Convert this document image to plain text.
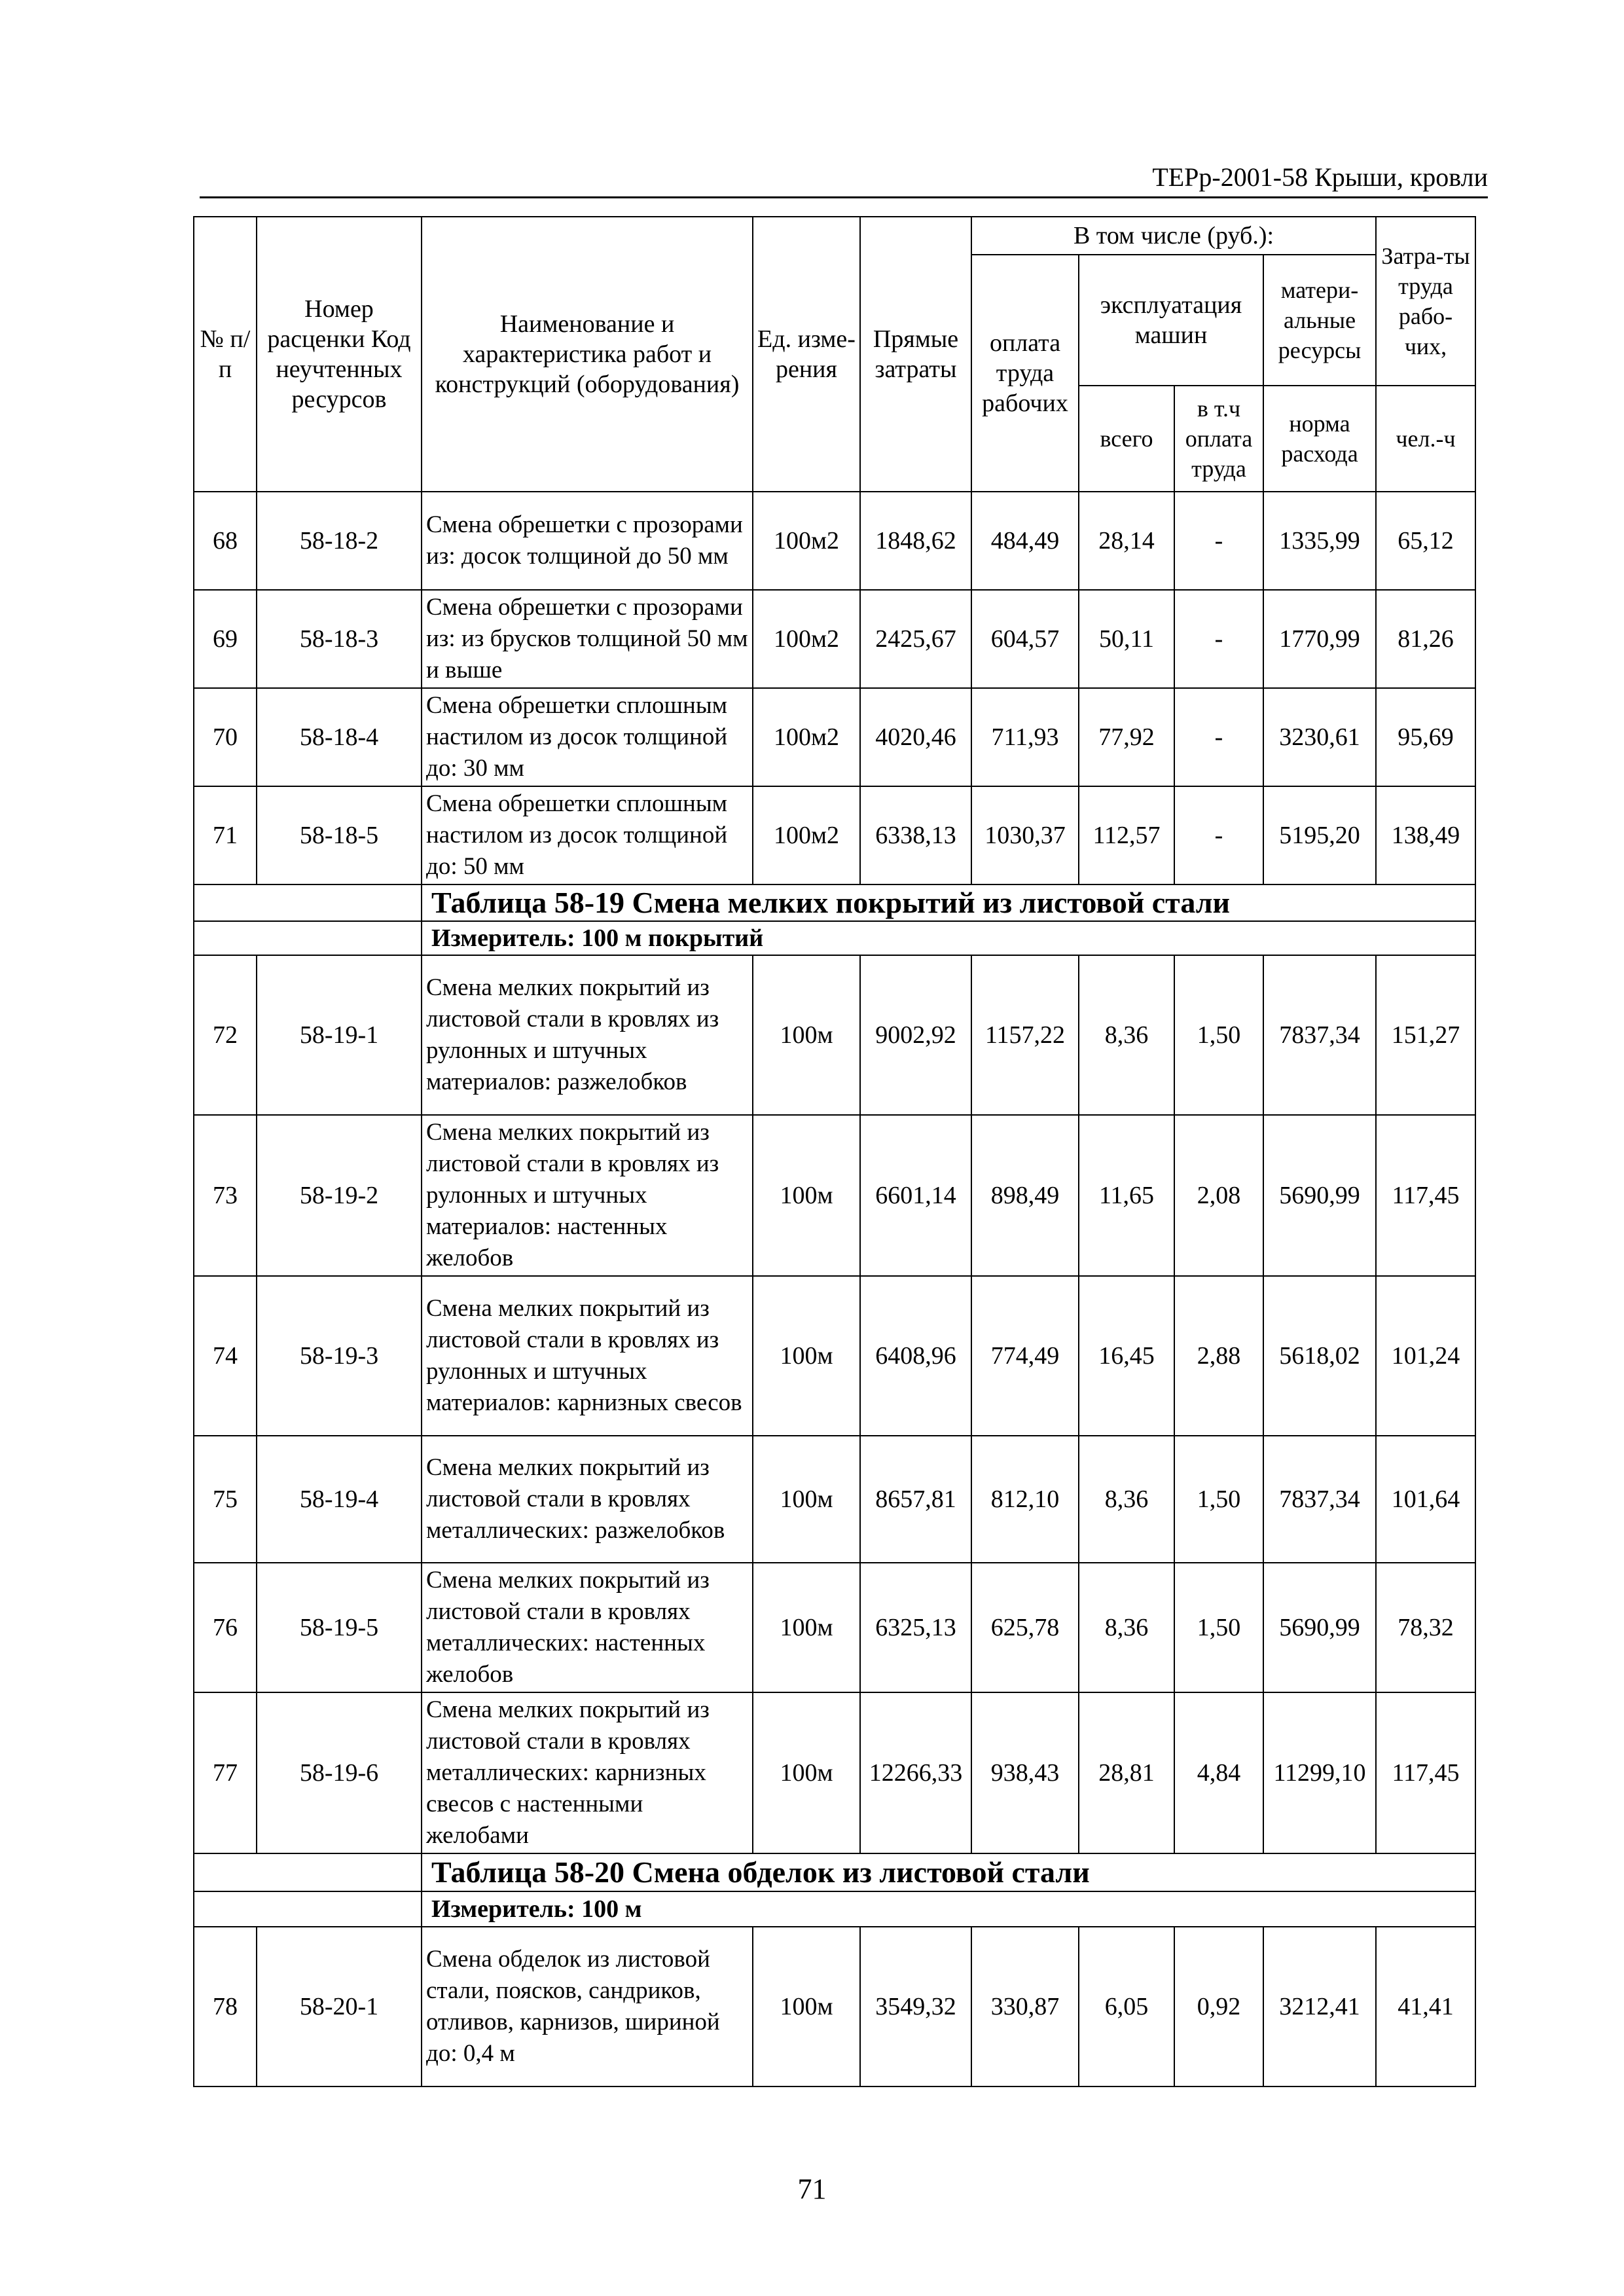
ТЕРр-2001-58 Крыши, кровли
№ п/п	Номер расценки Код неучтенных ресурсов	Наименование и характеристика работ и конструкций (оборудования)	Ед. изме-рения	Прямые затраты	В том числе (руб.):				Затра-ты труда рабо-чих,
					оплата труда рабочих	эксплуатация машин		матери-альные ресурсы	
						всего	в т.ч оплата труда	норма расхода	чел.-ч
68	58-18-2	Смена обрешетки с прозорами из: досок толщиной до 50 мм	100м2	1848,62	484,49	28,14	-	1335,99	65,12
69	58-18-3	Смена обрешетки с прозорами из: из брусков толщиной 50 мм и выше	100м2	2425,67	604,57	50,11	-	1770,99	81,26
70	58-18-4	Смена обрешетки сплошным настилом из досок толщиной до: 30 мм	100м2	4020,46	711,93	77,92	-	3230,61	95,69
71	58-18-5	Смена обрешетки сплошным настилом из досок толщиной до: 50 мм	100м2	6338,13	1030,37	112,57	-	5195,20	138,49
		Таблица 58-19 Смена мелких покрытий из листовой стали							
		Измеритель: 100 м покрытий							
72	58-19-1	Смена мелких покрытий из листовой стали в кровлях из рулонных и штучных материалов: разжелобков	100м	9002,92	1157,22	8,36	1,50	7837,34	151,27
73	58-19-2	Смена мелких покрытий из листовой стали в кровлях из рулонных и штучных материалов: настенных желобов	100м	6601,14	898,49	11,65	2,08	5690,99	117,45
74	58-19-3	Смена мелких покрытий из листовой стали в кровлях из рулонных и штучных материалов: карнизных свесов	100м	6408,96	774,49	16,45	2,88	5618,02	101,24
75	58-19-4	Смена мелких покрытий из листовой стали в кровлях металлических: разжелобков	100м	8657,81	812,10	8,36	1,50	7837,34	101,64
76	58-19-5	Смена мелких покрытий из листовой стали в кровлях металлических: настенных желобов	100м	6325,13	625,78	8,36	1,50	5690,99	78,32
77	58-19-6	Смена мелких покрытий из листовой стали в кровлях металлических: карнизных свесов с настенными желобами	100м	12266,33	938,43	28,81	4,84	11299,10	117,45
		Таблица 58-20 Смена обделок из листовой стали							
		Измеритель: 100 м							
78	58-20-1	Смена обделок из листовой стали, поясков, сандриков, отливов, карнизов, шириной до: 0,4 м	100м	3549,32	330,87	6,05	0,92	3212,41	41,41
71
